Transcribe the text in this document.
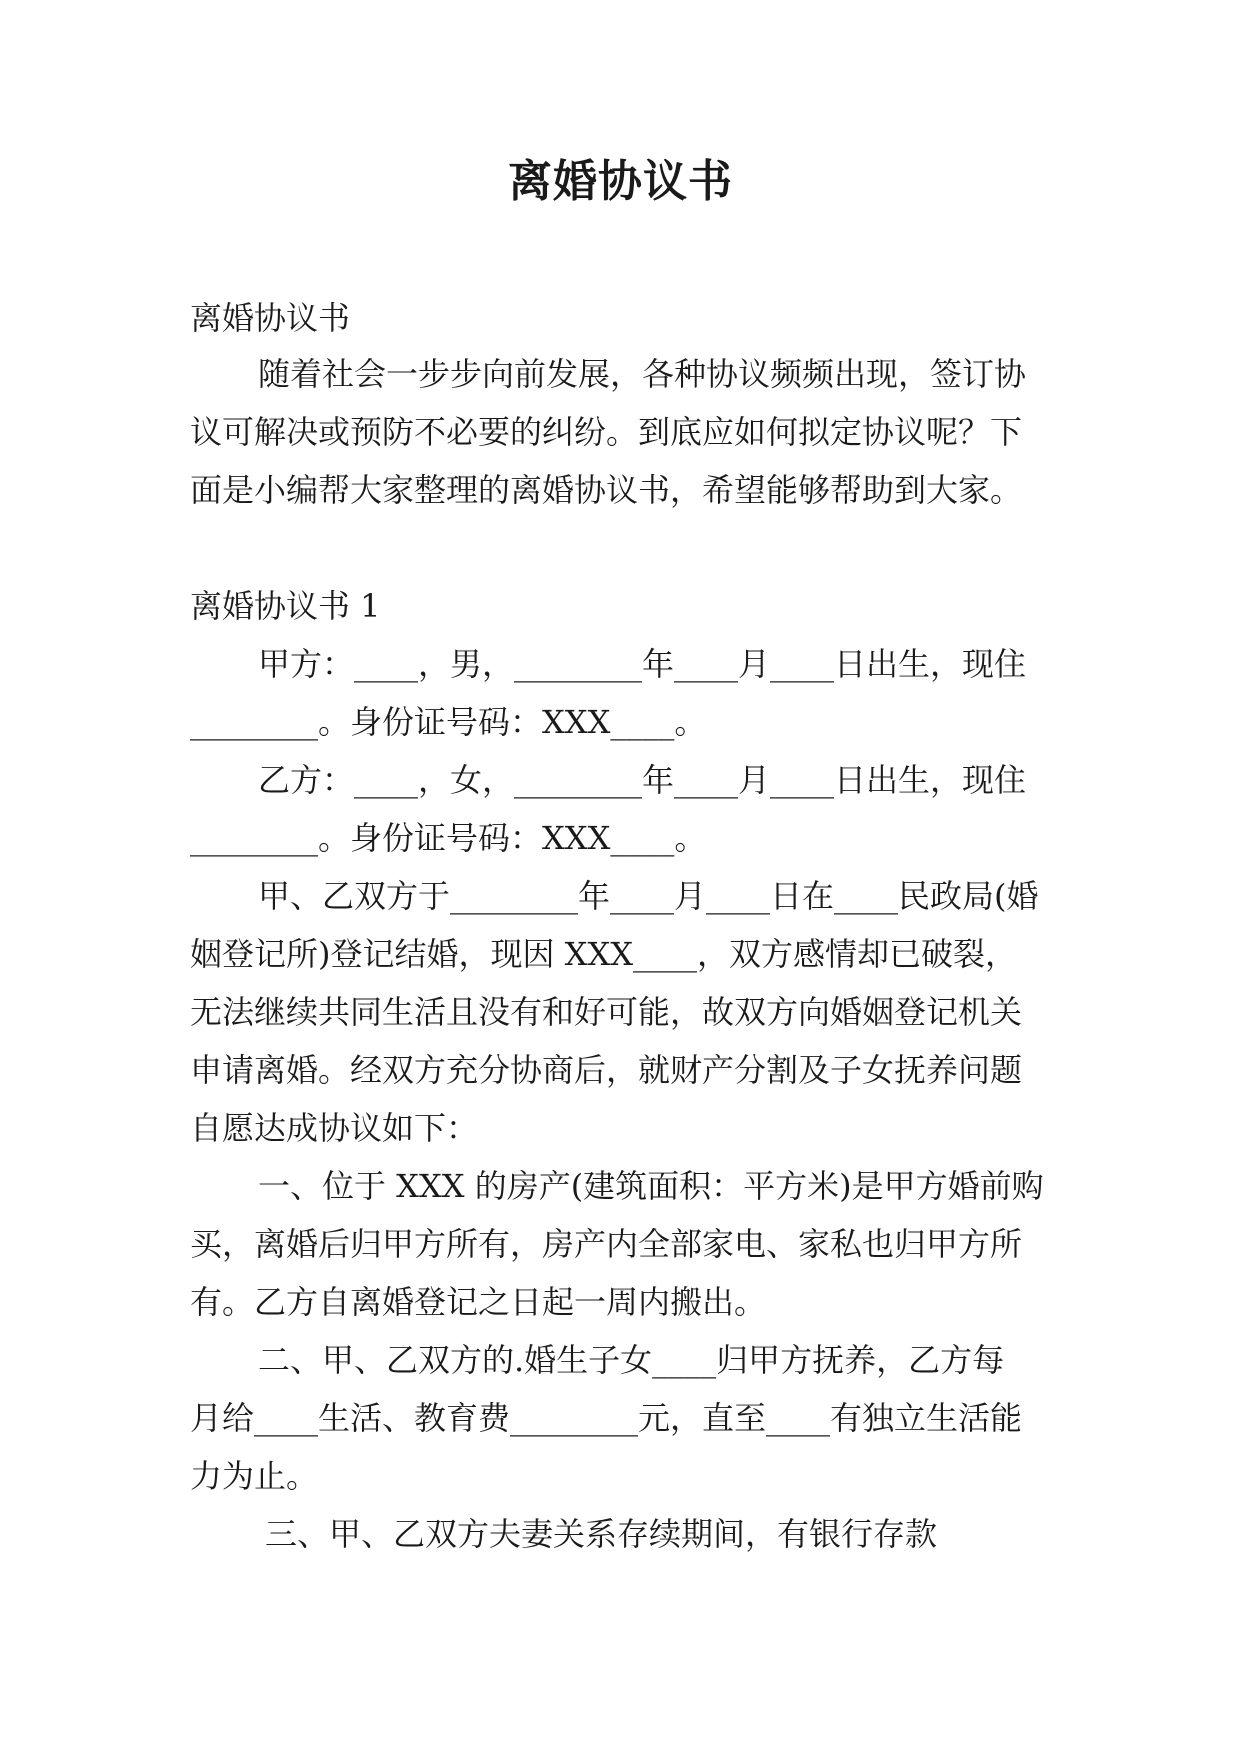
离婚协议书

离婚协议书

随着社会一步步向前发展，各种协议频频出现，签订协

议可解决或预防不必要的纠纷。到底应如何拟定协议呢？下

面是小编帮大家整理的离婚协议书，希望能够帮助到大家。

离婚协议书 1

甲方：____，男，________年____月____日出生，现住

________。身份证号码：XXX____。

乙方：____，女，________年____月____日出生，现住

________。身份证号码：XXX____。

甲、乙双方于________年____月____日在____民政局(婚

姻登记所)登记结婚，现因 XXX____，双方感情却已破裂，

无法继续共同生活且没有和好可能，故双方向婚姻登记机关

申请离婚。经双方充分协商后，就财产分割及子女抚养问题

自愿达成协议如下：

一、位于 XXX 的房产(建筑面积：平方米)是甲方婚前购

买，离婚后归甲方所有，房产内全部家电、家私也归甲方所

有。乙方自离婚登记之日起一周内搬出。

二、甲、乙双方的.婚生子女____归甲方抚养，乙方每

月给____生活、教育费________元，直至____有独立生活能

力为止。

三、甲、乙双方夫妻关系存续期间，有银行存款
